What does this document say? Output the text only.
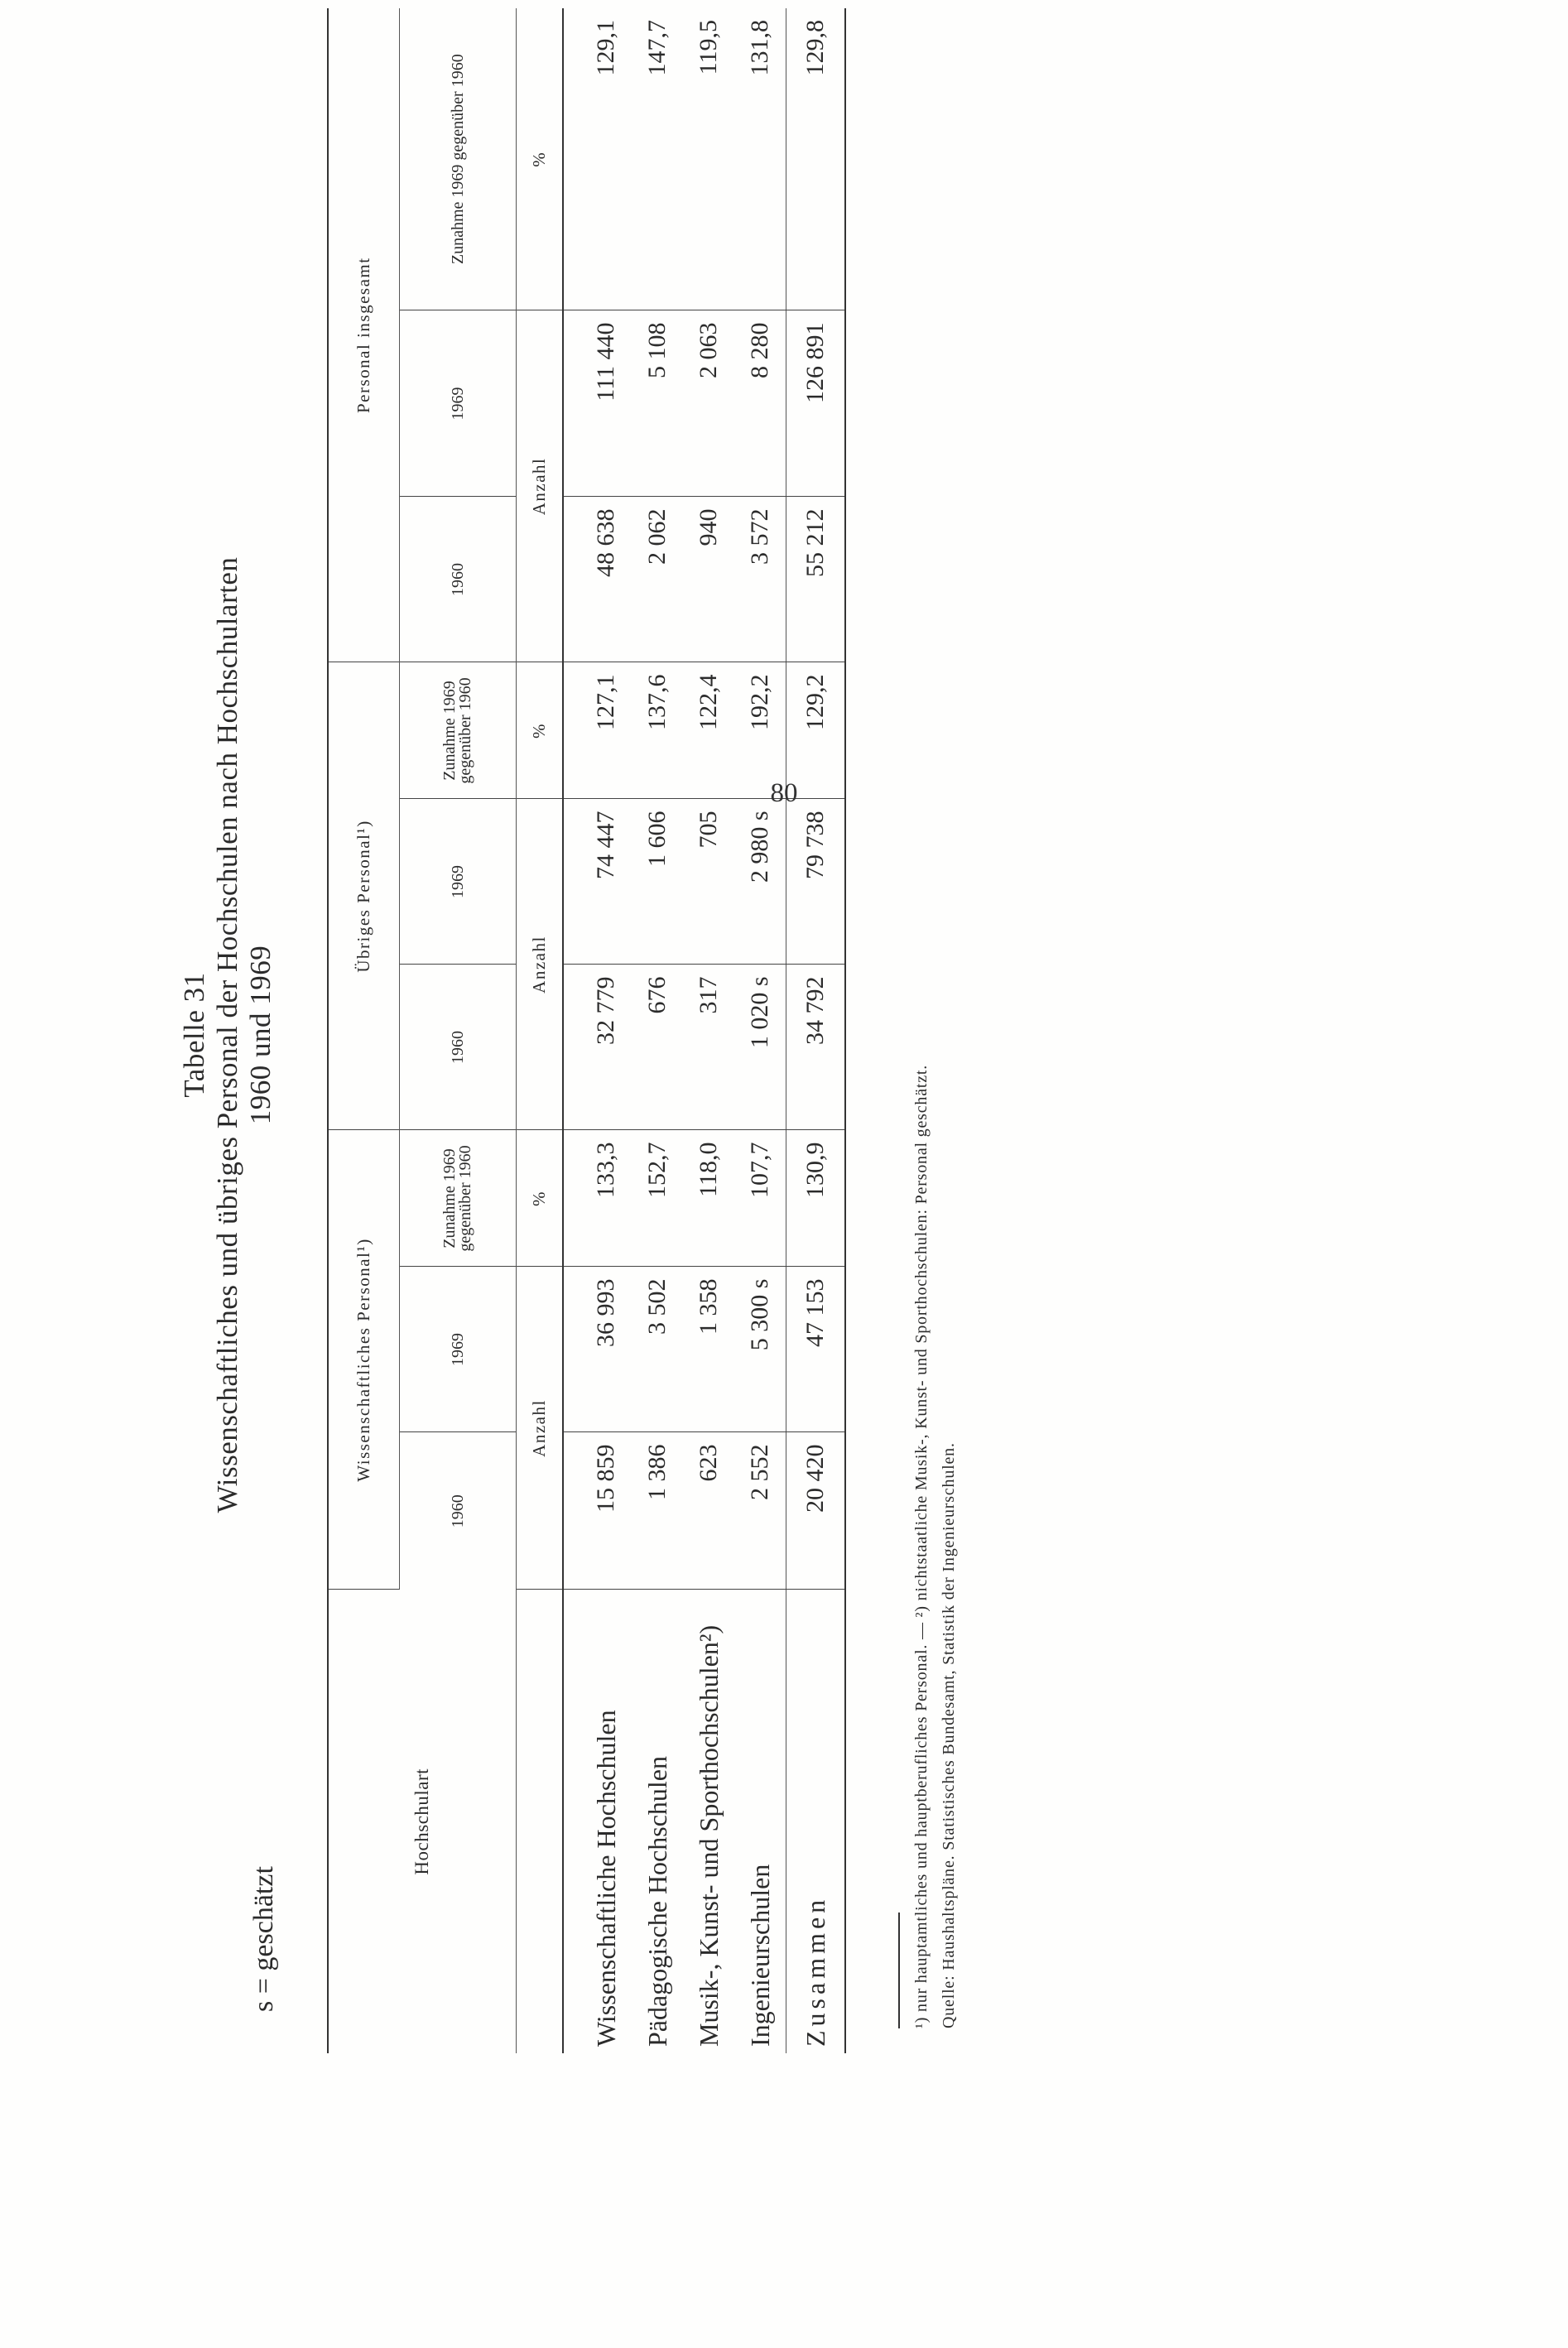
Tabelle 31 Wissenschaftliches und übriges Personal der Hochschulen nach Hochschularten 1960 und 1969
s = geschätzt
Hochschulart	Wissenschaftliches Personal¹)			Übriges Personal¹)			Personal insgesamt		
	1960	1969	Zunahme 1969 gegenüber 1960	1960	1969	Zunahme 1969 gegenüber 1960	1960	1969	Zunahme 1969 gegenüber 1960
	Anzahl		%	Anzahl		%	Anzahl		%
Wissenschaftliche Hochschulen	15 859	36 993	133,3	32 779	74 447	127,1	48 638	111 440	129,1
Pädagogische Hochschulen	1 386	3 502	152,7	676	1 606	137,6	2 062	5 108	147,7
Musik-, Kunst- und Sporthochschulen²)	623	1 358	118,0	317	705	122,4	940	2 063	119,5
Ingenieurschulen	2 552	5 300 s	107,7	1 020 s	2 980 s	192,2	3 572	8 280	131,8
Zusammen	20 420	47 153	130,9	34 792	79 738	129,2	55 212	126 891	129,8
¹) nur hauptamtliches und hauptberufliches Personal. — ²) nichtstaatliche Musik-, Kunst- und Sporthochschulen: Personal geschätzt. Quelle: Haushaltspläne. Statistisches Bundesamt, Statistik der Ingenieurschulen.
80
